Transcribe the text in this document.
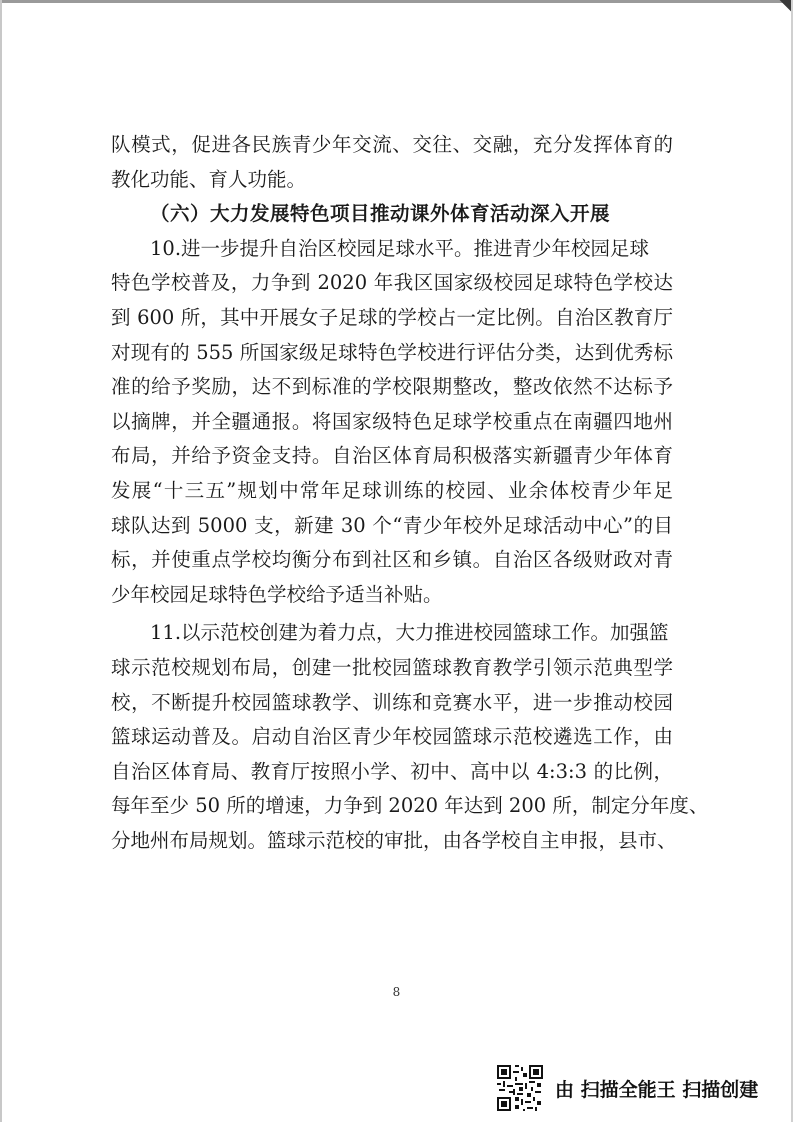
队模式，促进各民族青少年交流、交往、交融，充分发挥体育的
教化功能、育人功能。
（六）大力发展特色项目推动课外体育活动深入开展
10.进一步提升自治区校园足球水平。推进青少年校园足球
特色学校普及，力争到 2020 年我区国家级校园足球特色学校达
到 600 所，其中开展女子足球的学校占一定比例。自治区教育厅
对现有的 555 所国家级足球特色学校进行评估分类，达到优秀标
准的给予奖励，达不到标准的学校限期整改，整改依然不达标予
以摘牌，并全疆通报。将国家级特色足球学校重点在南疆四地州
布局，并给予资金支持。自治区体育局积极落实新疆青少年体育
发展“十三五”规划中常年足球训练的校园、业余体校青少年足
球队达到 5000 支，新建 30 个“青少年校外足球活动中心”的目
标，并使重点学校均衡分布到社区和乡镇。自治区各级财政对青
少年校园足球特色学校给予适当补贴。
11.以示范校创建为着力点，大力推进校园篮球工作。加强篮
球示范校规划布局，创建一批校园篮球教育教学引领示范典型学
校，不断提升校园篮球教学、训练和竞赛水平，进一步推动校园
篮球运动普及。启动自治区青少年校园篮球示范校遴选工作，由
自治区体育局、教育厅按照小学、初中、高中以 4:3:3 的比例，
每年至少 50 所的增速，力争到 2020 年达到 200 所，制定分年度、
分地州布局规划。篮球示范校的审批，由各学校自主申报，县市、
8
由 扫描全能王 扫描创建
